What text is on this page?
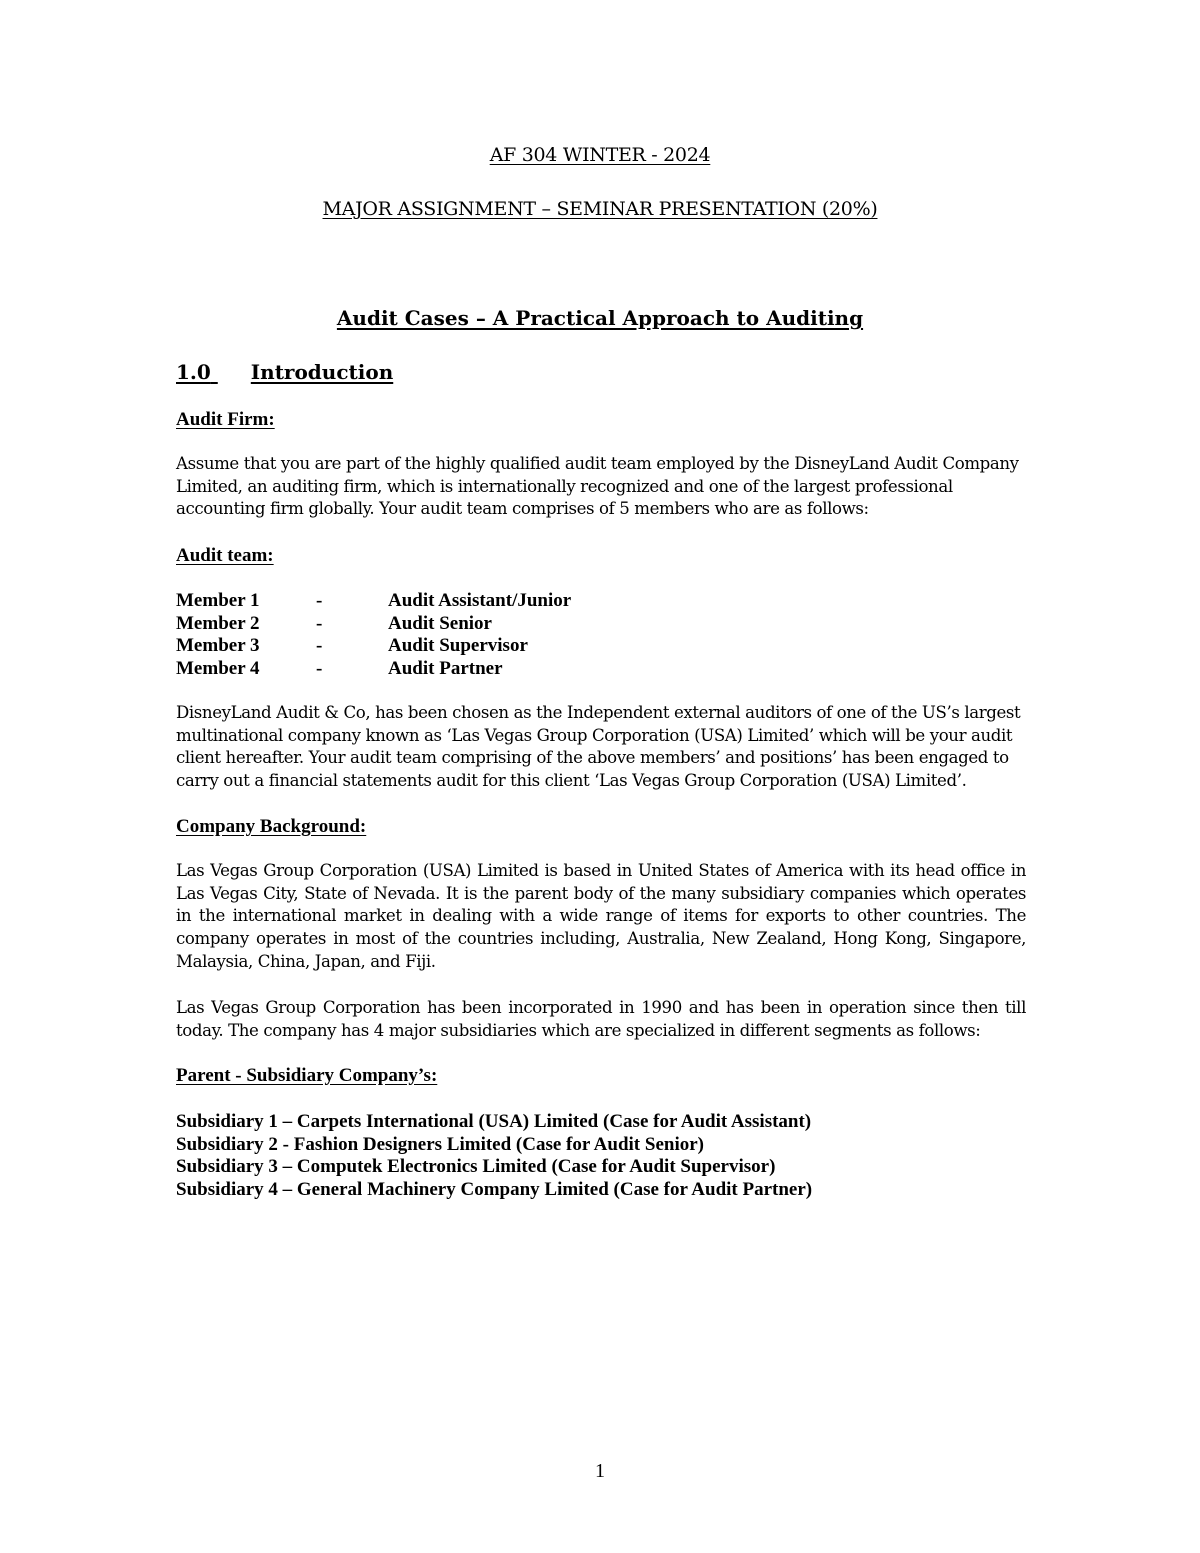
AF 304 WINTER - 2024
MAJOR ASSIGNMENT – SEMINAR PRESENTATION (20%)
Audit Cases – A Practical Approach to Auditing
1.0 Introduction
Audit Firm:

Assume that you are part of the highly qualified audit team employed by the DisneyLand Audit Company Limited, an auditing firm, which is internationally recognized and one of the largest professional accounting firm globally. Your audit team comprises of 5 members who are as follows:

Audit team:
Member 1	-	Audit Assistant/Junior
Member 2	-	Audit Senior
Member 3	-	Audit Supervisor
Member 4	-	Audit Partner

DisneyLand Audit & Co, has been chosen as the Independent external auditors of one of the US’s largest multinational company known as ‘Las Vegas Group Corporation (USA) Limited’ which will be your audit client hereafter. Your audit team comprising of the above members’ and positions’ has been engaged to carry out a financial statements audit for this client ‘Las Vegas Group Corporation (USA) Limited’.

Company Background:

Las Vegas Group Corporation (USA) Limited is based in United States of America with its head office in Las Vegas City, State of Nevada. It is the parent body of the many subsidiary companies which operates in the international market in dealing with a wide range of items for exports to other countries. The company operates in most of the countries including, Australia, New Zealand, Hong Kong, Singapore, Malaysia, China, Japan, and Fiji.

Las Vegas Group Corporation has been incorporated in 1990 and has been in operation since then till today. The company has 4 major subsidiaries which are specialized in different segments as follows:

Parent - Subsidiary Company’s:
Subsidiary 1 – Carpets International (USA) Limited (Case for Audit Assistant)
Subsidiary 2 - Fashion Designers Limited (Case for Audit Senior)
Subsidiary 3 – Computek Electronics Limited (Case for Audit Supervisor)
Subsidiary 4 – General Machinery Company Limited (Case for Audit Partner)
1
